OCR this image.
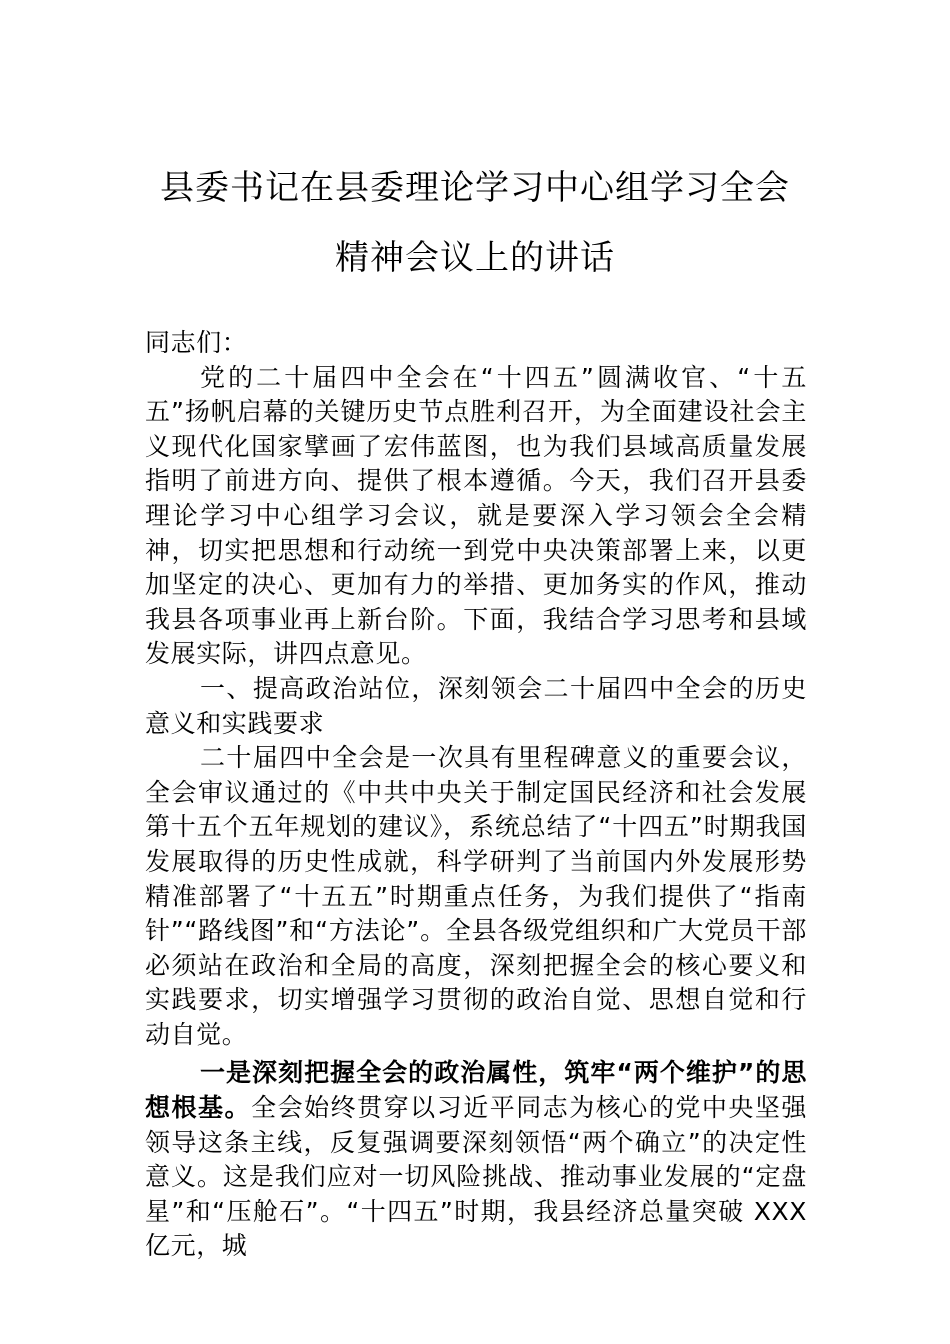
县委书记在县委理论学习中心组学习全会
精神会议上的讲话

同志们：

党的二十届四中全会在“十四五”圆满收官、“十五五”扬帆启幕的关键历史节点胜利召开，为全面建设社会主义现代化国家擘画了宏伟蓝图，也为我们县域高质量发展指明了前进方向、提供了根本遵循。今天，我们召开县委理论学习中心组学习会议，就是要深入学习领会全会精神，切实把思想和行动统一到党中央决策部署上来，以更加坚定的决心、更加有力的举措、更加务实的作风，推动我县各项事业再上新台阶。下面，我结合学习思考和县域发展实际，讲四点意见。

一、提高政治站位，深刻领会二十届四中全会的历史意义和实践要求

二十届四中全会是一次具有里程碑意义的重要会议，全会审议通过的《中共中央关于制定国民经济和社会发展第十五个五年规划的建议》，系统总结了“十四五”时期我国发展取得的历史性成就，科学研判了当前国内外发展形势精准部署了“十五五”时期重点任务，为我们提供了“指南针”“路线图”和“方法论”。全县各级党组织和广大党员干部必须站在政治和全局的高度，深刻把握全会的核心要义和实践要求，切实增强学习贯彻的政治自觉、思想自觉和行动自觉。

一是深刻把握全会的政治属性，筑牢“两个维护”的思想根基。全会始终贯穿以习近平同志为核心的党中央坚强领导这条主线，反复强调要深刻领悟“两个确立”的决定性意义。这是我们应对一切风险挑战、推动事业发展的“定盘星”和“压舱石”。“十四五”时期，我县经济总量突破 XXX 亿元，城
